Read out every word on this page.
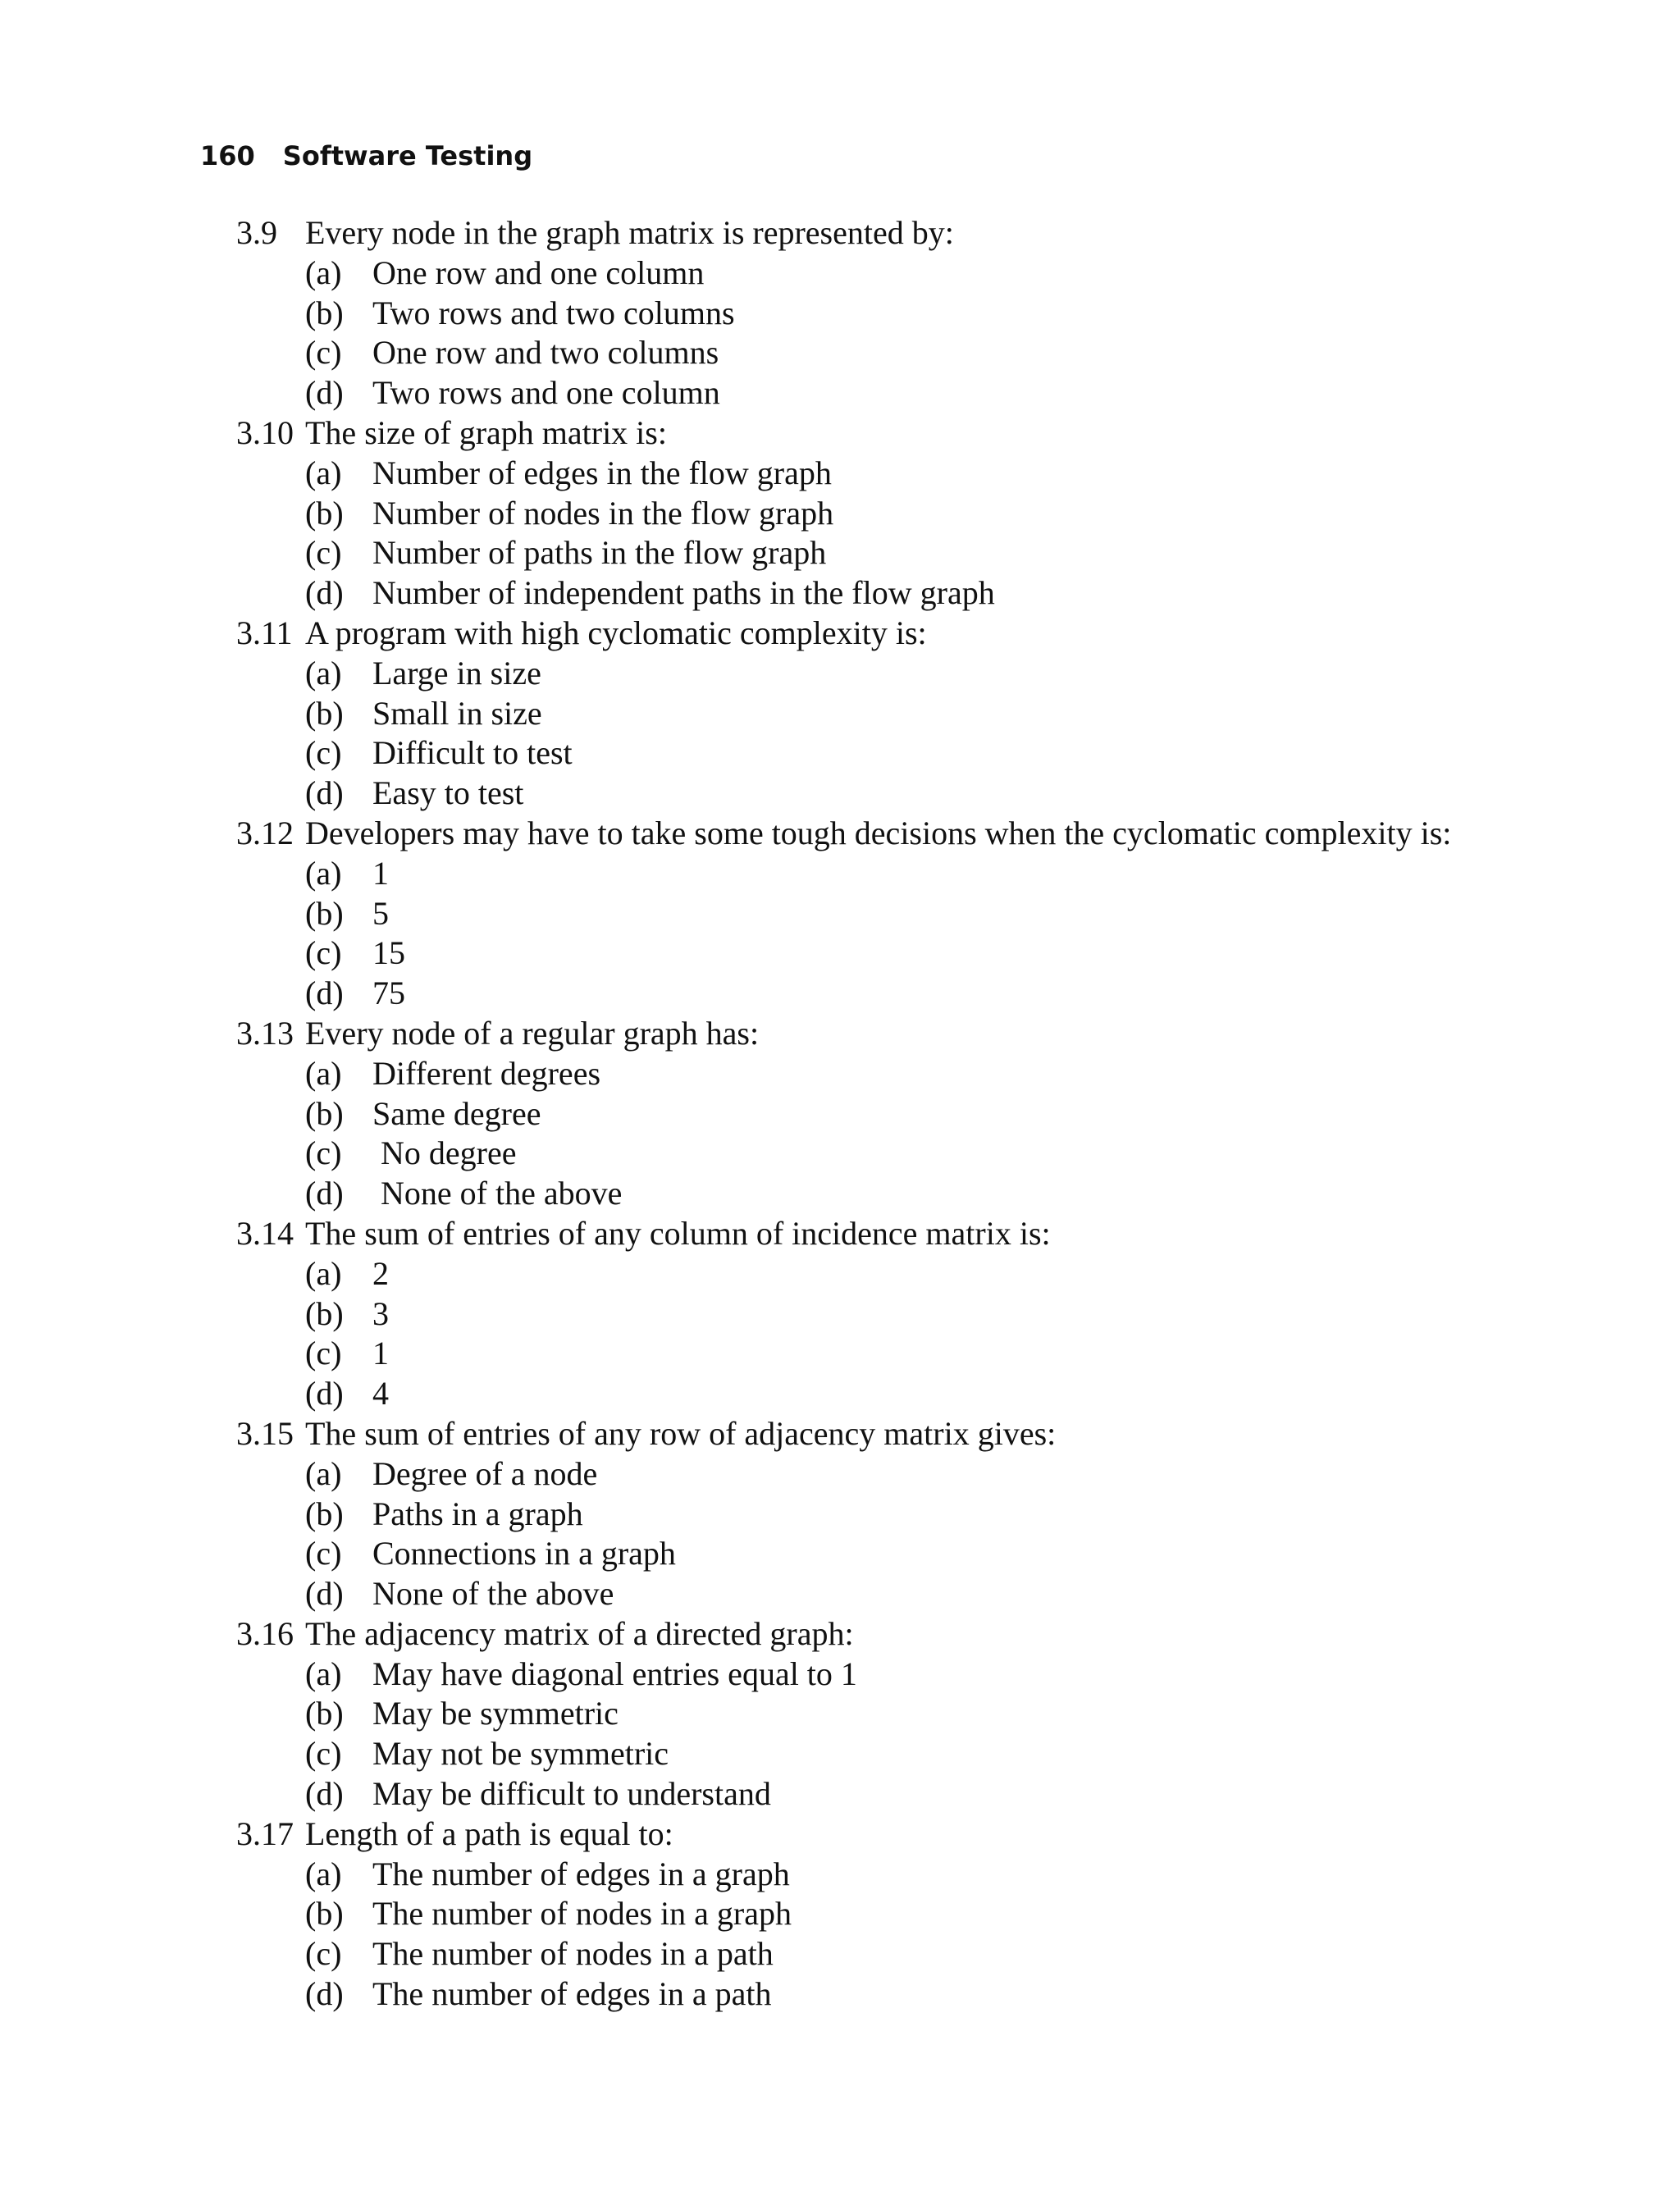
160 Software Testing
3.9 Every node in the graph matrix is represented by:
(a) One row and one column
(b) Two rows and two columns
(c) One row and two columns
(d) Two rows and one column
3.10 The size of graph matrix is:
(a) Number of edges in the flow graph
(b) Number of nodes in the flow graph
(c) Number of paths in the flow graph
(d) Number of independent paths in the flow graph
3.11 A program with high cyclomatic complexity is:
(a) Large in size
(b) Small in size
(c) Difficult to test
(d) Easy to test
3.12 Developers may have to take some tough decisions when the cyclomatic complexity is:
(a) 1
(b) 5
(c) 15
(d) 75
3.13 Every node of a regular graph has:
(a) Different degrees
(b) Same degree
(c)	No degree
(d)	None of the above
3.14 The sum of entries of any column of incidence matrix is:
(a) 2
(b) 3
(c) 1
(d) 4
3.15 The sum of entries of any row of adjacency matrix gives:
(a) Degree of a node
(b) Paths in a graph
(c) Connections in a graph
(d) None of the above
3.16 The adjacency matrix of a directed graph:
(a) May have diagonal entries equal to 1
(b) May be symmetric
(c) May not be symmetric
(d) May be difficult to understand
3.17 Length of a path is equal to:
(a) The number of edges in a graph
(b) The number of nodes in a graph
(c) The number of nodes in a path
(d) The number of edges in a path
